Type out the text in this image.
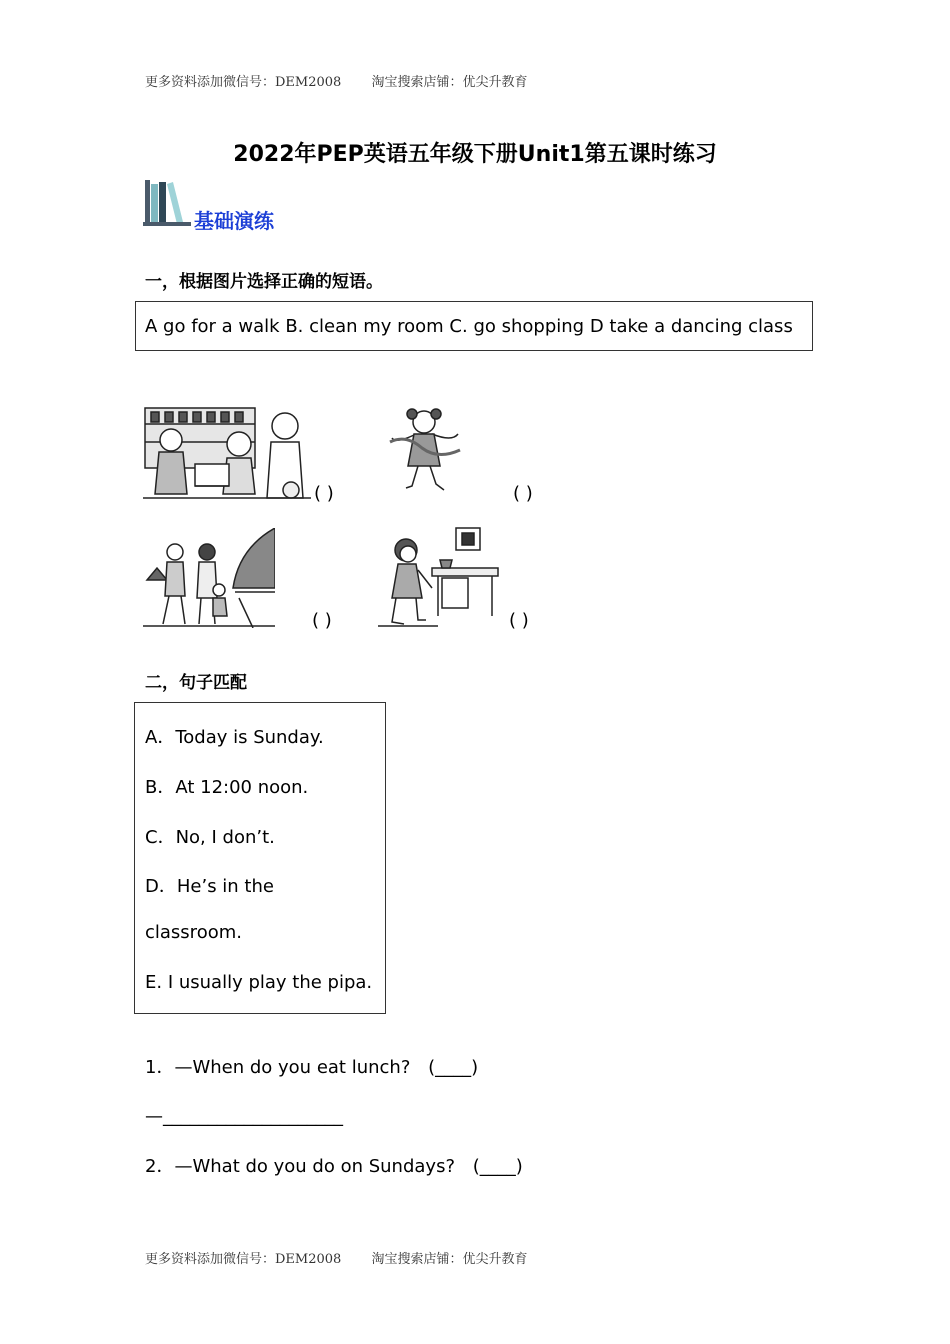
更多资料添加微信号：DEM2008 淘宝搜索店铺：优尖升教育
2022年PEP英语五年级下册Unit1第五课时练习
基础演练
一，根据图片选择正确的短语。
A go for a walk B. clean my room C. go shopping D take a dancing class
( )	( )
( )	( )
二，句子匹配
A．Today is Sunday.
B．At 12:00 noon.
C．No, I don’t.
D．He’s in the
classroom.
E. I usually play the pipa.
1．—When do you eat lunch? (____)
—____________________
2．—What do you do on Sundays? (____)
更多资料添加微信号：DEM2008 淘宝搜索店铺：优尖升教育
